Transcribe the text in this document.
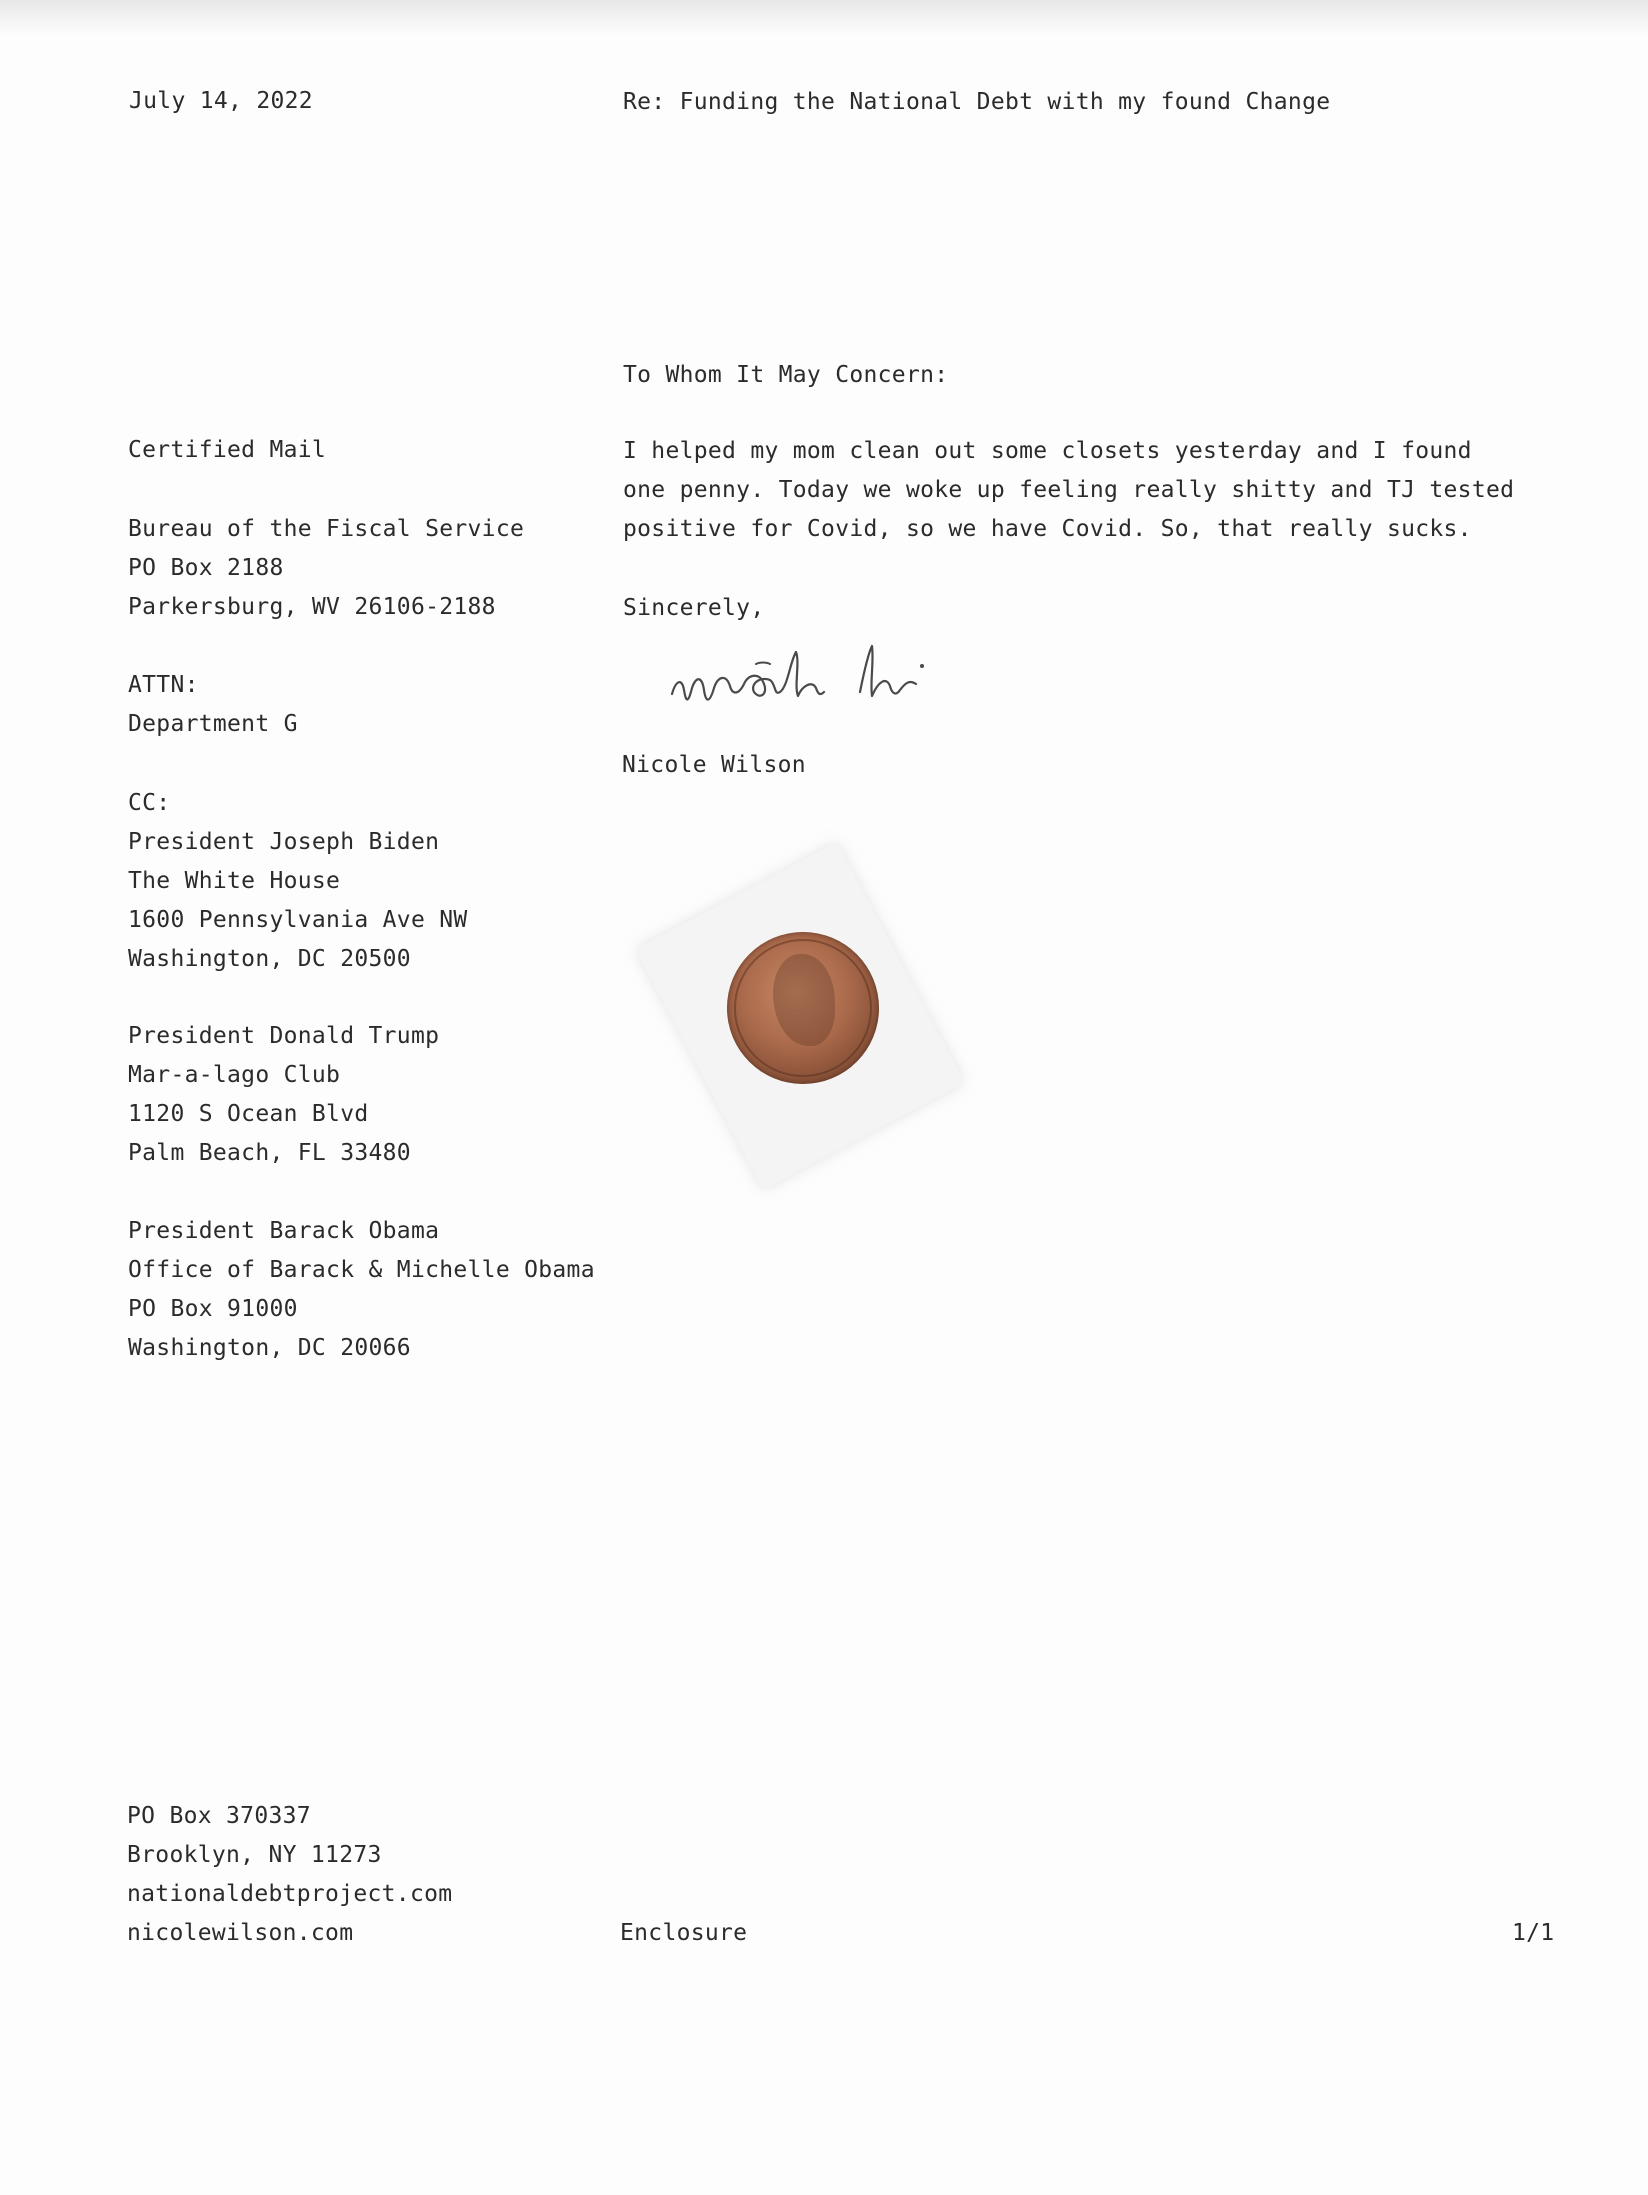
July 14, 2022	Re: Funding the National Debt with my found Change

To Whom It May Concern:

Certified Mail

Bureau of the Fiscal Service
PO Box 2188
Parkersburg, WV 26106-2188
ATTN:
Department G
CC:
President Joseph Biden
The White House
1600 Pennsylvania Ave NW
Washington, DC 20500
President Donald Trump
Mar-a-lago Club
1120 S Ocean Blvd
Palm Beach, FL 33480
President Barack Obama
Office of Barack & Michelle Obama
PO Box 91000
Washington, DC 20066

I helped my mom clean out some closets yesterday and I found one penny. Today we woke up feeling really shitty and TJ tested positive for Covid, so we have Covid. So, that really sucks.

Sincerely,

Nicole Wilson

PO Box 370337
Brooklyn, NY 11273
nationaldebtproject.com
nicolewilson.com	Enclosure	1/1
